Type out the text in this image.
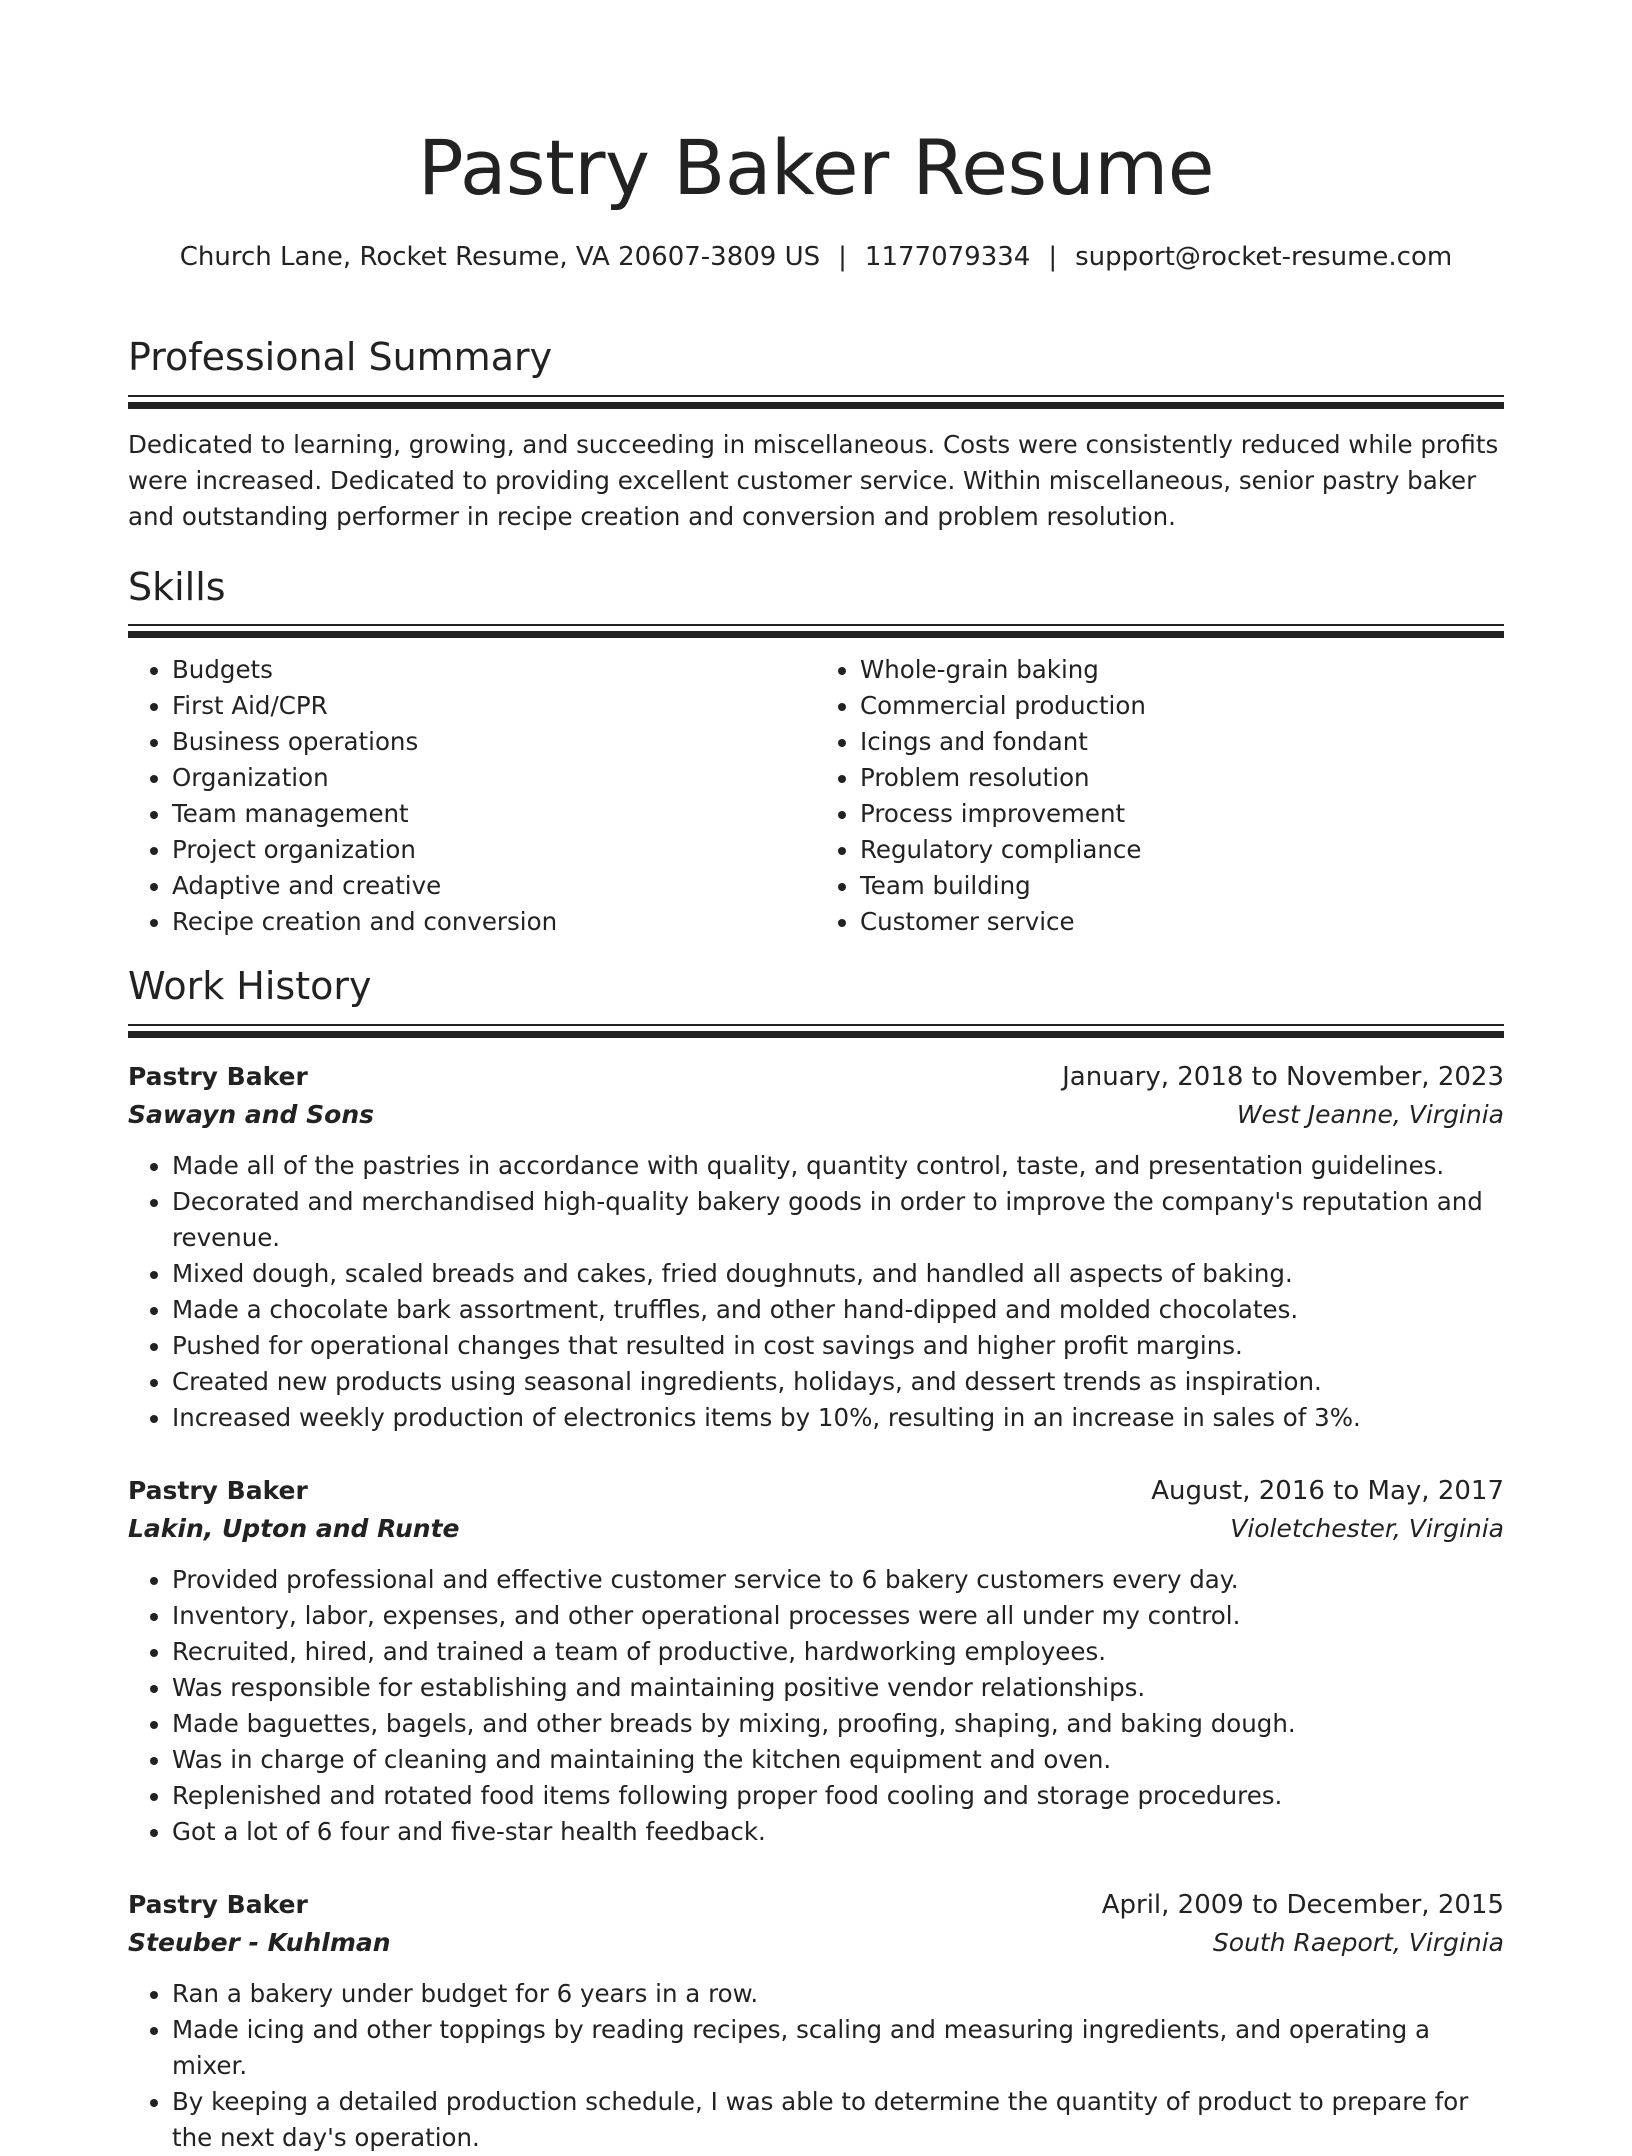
Pastry Baker Resume
Church Lane, Rocket Resume, VA 20607-3809 US | 1177079334 | support@rocket-resume.com
Professional Summary

Dedicated to learning, growing, and succeeding in miscellaneous. Costs were consistently reduced while profits were increased. Dedicated to providing excellent customer service. Within miscellaneous, senior pastry baker and outstanding performer in recipe creation and conversion and problem resolution.

Skills
• Budgets
• First Aid/CPR
• Business operations
• Organization
• Team management
• Project organization
• Adaptive and creative
• Recipe creation and conversion
• Whole-grain baking
• Commercial production
• Icings and fondant
• Problem resolution
• Process improvement
• Regulatory compliance
• Team building
• Customer service
Work History
Pastry Baker	January, 2018 to November, 2023
Sawayn and Sons	West Jeanne, Virginia
• Made all of the pastries in accordance with quality, quantity control, taste, and presentation guidelines.
• Decorated and merchandised high-quality bakery goods in order to improve the company's reputation and revenue.
• Mixed dough, scaled breads and cakes, fried doughnuts, and handled all aspects of baking.
• Made a chocolate bark assortment, truffles, and other hand-dipped and molded chocolates.
• Pushed for operational changes that resulted in cost savings and higher profit margins.
• Created new products using seasonal ingredients, holidays, and dessert trends as inspiration.
• Increased weekly production of electronics items by 10%, resulting in an increase in sales of 3%.
Pastry Baker	August, 2016 to May, 2017
Lakin, Upton and Runte	Violetchester, Virginia
• Provided professional and effective customer service to 6 bakery customers every day.
• Inventory, labor, expenses, and other operational processes were all under my control.
• Recruited, hired, and trained a team of productive, hardworking employees.
• Was responsible for establishing and maintaining positive vendor relationships.
• Made baguettes, bagels, and other breads by mixing, proofing, shaping, and baking dough.
• Was in charge of cleaning and maintaining the kitchen equipment and oven.
• Replenished and rotated food items following proper food cooling and storage procedures.
• Got a lot of 6 four and five-star health feedback.
Pastry Baker	April, 2009 to December, 2015
Steuber - Kuhlman	South Raeport, Virginia
• Ran a bakery under budget for 6 years in a row.
• Made icing and other toppings by reading recipes, scaling and measuring ingredients, and operating a mixer.
• By keeping a detailed production schedule, I was able to determine the quantity of product to prepare for the next day's operation.
